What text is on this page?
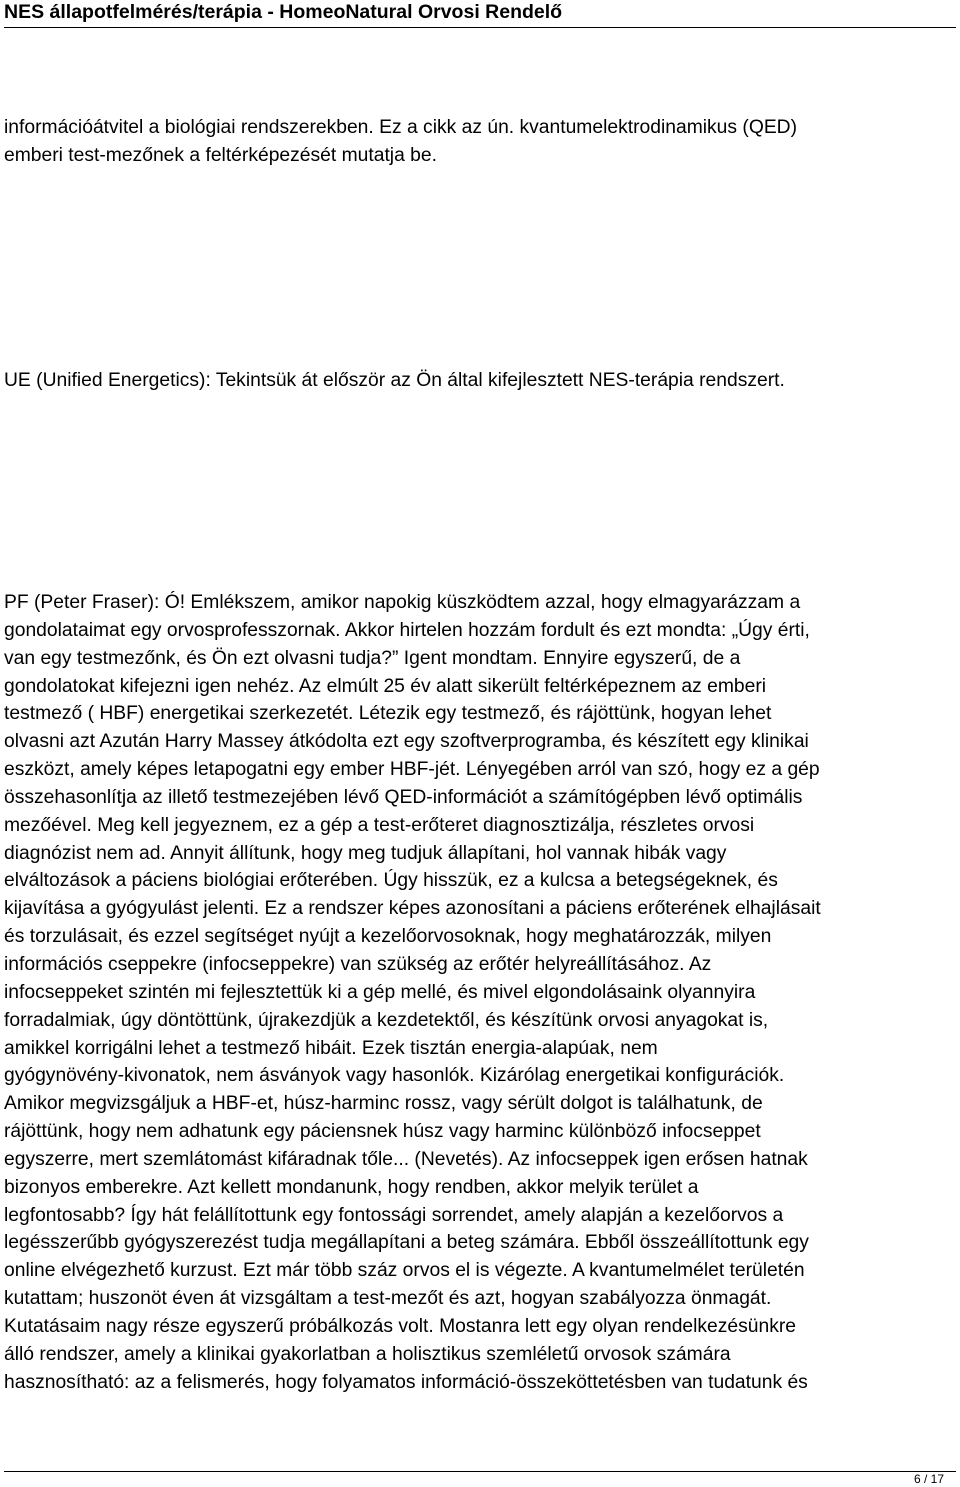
NES állapotfelmérés/terápia - HomeoNatural Orvosi Rendelő
információátvitel a biológiai rendszerekben. Ez a cikk az ún. kvantumelektrodinamikus (QED)
emberi test-mezőnek a feltérképezését mutatja be.
UE (Unified Energetics): Tekintsük át először az Ön által kifejlesztett NES-terápia rendszert.
PF (Peter Fraser): Ó! Emlékszem, amikor napokig küszködtem azzal, hogy elmagyarázzam a
gondolataimat egy orvosprofesszornak. Akkor hirtelen hozzám fordult és ezt mondta: „Úgy érti,
van egy testmezőnk, és Ön ezt olvasni tudja?” Igent mondtam. Ennyire egyszerű, de a
gondolatokat kifejezni igen nehéz. Az elmúlt 25 év alatt sikerült feltérképeznem az emberi
testmező ( HBF) energetikai szerkezetét. Létezik egy testmező, és rájöttünk, hogyan lehet
olvasni azt Azután Harry Massey átkódolta ezt egy szoftverprogramba, és készített egy klinikai
eszközt, amely képes letapogatni egy ember HBF-jét. Lényegében arról van szó, hogy ez a gép
összehasonlítja az illető testmezejében lévő QED-információt a számítógépben lévő optimális
mezőével. Meg kell jegyeznem, ez a gép a test-erőteret diagnosztizálja, részletes orvosi
diagnózist nem ad. Annyit állítunk, hogy meg tudjuk állapítani, hol vannak hibák vagy
elváltozások a páciens biológiai erőterében. Úgy hisszük, ez a kulcsa a betegségeknek, és
kijavítása a gyógyulást jelenti. Ez a rendszer képes azonosítani a páciens erőterének elhajlásait
és torzulásait, és ezzel segítséget nyújt a kezelőorvosoknak, hogy meghatározzák, milyen
információs cseppekre (infocseppekre) van szükség az erőtér helyreállításához. Az
infocseppeket szintén mi fejlesztettük ki a gép mellé, és mivel elgondolásaink olyannyira
forradalmiak, úgy döntöttünk, újrakezdjük a kezdetektől, és készítünk orvosi anyagokat is,
amikkel korrigálni lehet a testmező hibáit. Ezek tisztán energia-alapúak, nem
gyógynövény-kivonatok, nem ásványok vagy hasonlók. Kizárólag energetikai konfigurációk.
Amikor megvizsgáljuk a HBF-et, húsz-harminc rossz, vagy sérült dolgot is találhatunk, de
rájöttünk, hogy nem adhatunk egy páciensnek húsz vagy harminc különböző infocseppet
egyszerre, mert szemlátomást kifáradnak tőle... (Nevetés). Az infocseppek igen erősen hatnak
bizonyos emberekre. Azt kellett mondanunk, hogy rendben, akkor melyik terület a
legfontosabb? Így hát felállítottunk egy fontossági sorrendet, amely alapján a kezelőorvos a
legésszerűbb gyógyszerezést tudja megállapítani a beteg számára. Ebből összeállítottunk egy
online elvégezhető kurzust. Ezt már több száz orvos el is végezte. A kvantumelmélet területén
kutattam; huszonöt éven át vizsgáltam a test-mezőt és azt, hogyan szabályozza önmagát.
Kutatásaim nagy része egyszerű próbálkozás volt. Mostanra lett egy olyan rendelkezésünkre
álló rendszer, amely a klinikai gyakorlatban a holisztikus szemléletű orvosok számára
hasznosítható: az a felismerés, hogy folyamatos információ-összeköttetésben van tudatunk és
6 / 17
